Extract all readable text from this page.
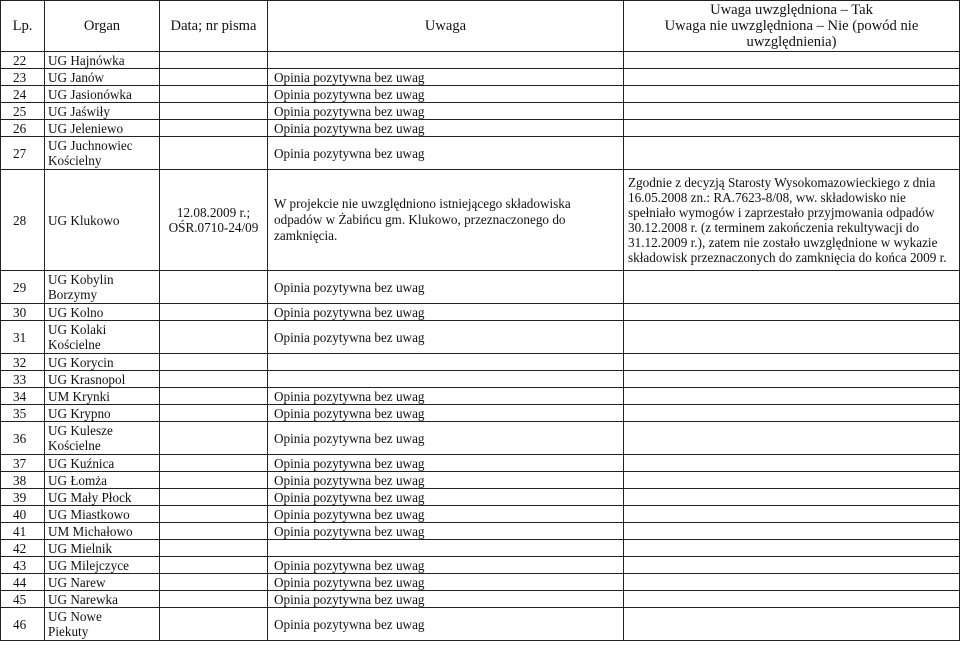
Lp.	Organ	Data; nr pisma	Uwaga	Uwaga uwzględniona – Tak
Uwaga nie uwzględniona – Nie (powód nie uwzględnienia)

22	UG Hajnówka			
23	UG Janów		Opinia pozytywna bez uwag	
24	UG Jasionówka		Opinia pozytywna bez uwag	
25	UG Jaświły		Opinia pozytywna bez uwag	
26	UG Jeleniewo		Opinia pozytywna bez uwag	
27	UG Juchnowiec
Kościelny		Opinia pozytywna bez uwag	
28	UG Klukowo	12.08.2009 r.;
OŚR.0710-24/09	W projekcie nie uwzględniono istniejącego składowiska odpadów w Żabińcu gm. Klukowo, przeznaczonego do zamknięcia.	Zgodnie z decyzją Starosty Wysokomazowieckiego z dnia 16.05.2008 zn.: RA.7623-8/08, ww. składowisko nie spełniało wymogów i zaprzestało przyjmowania odpadów 30.12.2008 r. (z terminem zakończenia rekultywacji do 31.12.2009 r.), zatem nie zostało uwzględnione w wykazie składowisk przeznaczonych do zamknięcia do końca 2009 r.
29	UG Kobylin
Borzymy		Opinia pozytywna bez uwag	
30	UG Kolno		Opinia pozytywna bez uwag	
31	UG Kolaki
Kościelne		Opinia pozytywna bez uwag	
32	UG Korycin			
33	UG Krasnopol			
34	UM Krynki		Opinia pozytywna bez uwag	
35	UG Krypno		Opinia pozytywna bez uwag	
36	UG Kulesze
Kościelne		Opinia pozytywna bez uwag	
37	UG Kuźnica		Opinia pozytywna bez uwag	
38	UG Łomża		Opinia pozytywna bez uwag	
39	UG Mały Płock		Opinia pozytywna bez uwag	
40	UG Miastkowo		Opinia pozytywna bez uwag	
41	UM Michałowo		Opinia pozytywna bez uwag	
42	UG Mielnik			
43	UG Milejczyce		Opinia pozytywna bez uwag	
44	UG Narew		Opinia pozytywna bez uwag	
45	UG Narewka		Opinia pozytywna bez uwag	
46	UG Nowe
Piekuty		Opinia pozytywna bez uwag	
